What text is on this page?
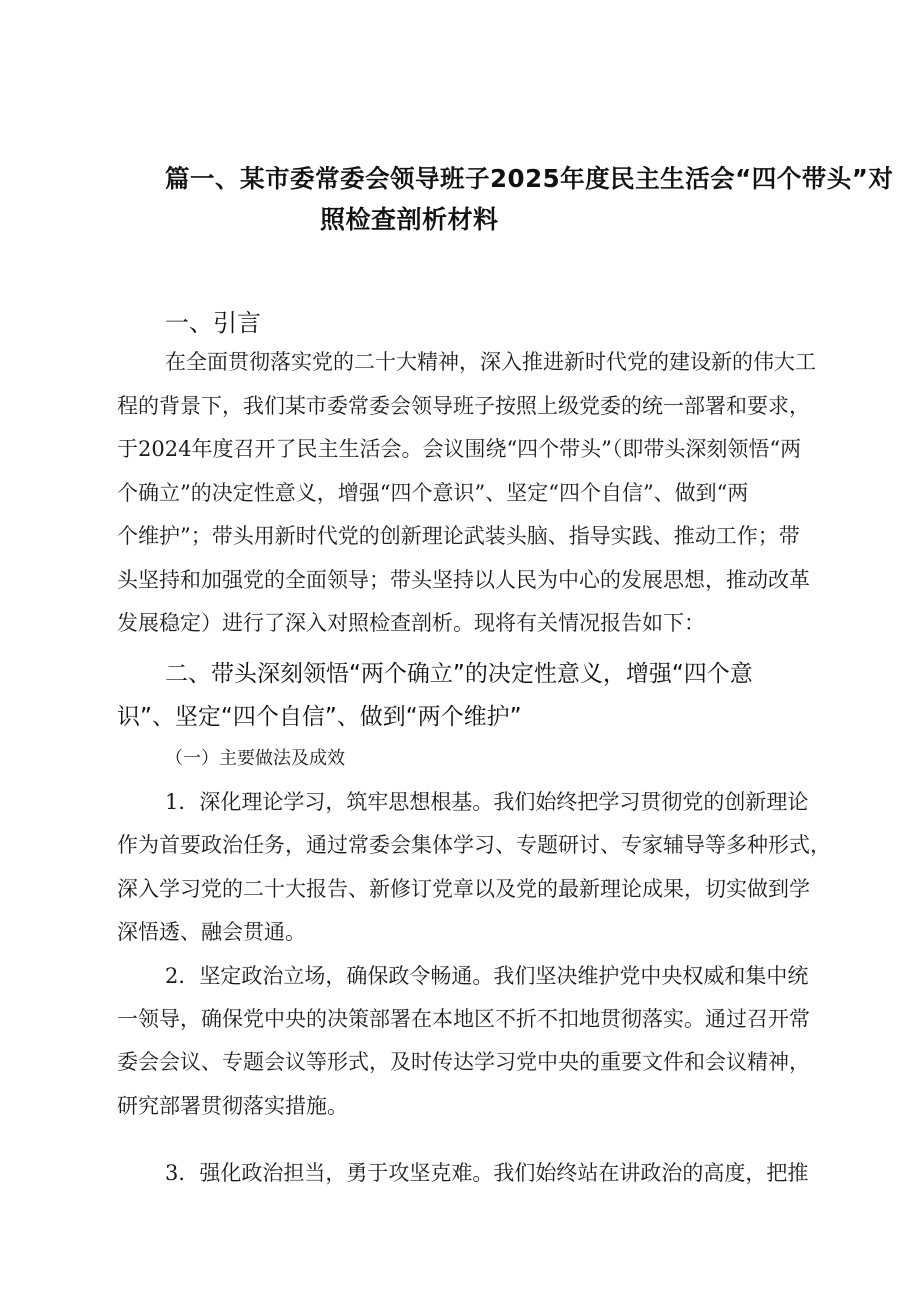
篇一、某市委常委会领导班子2025年度民主生活会“四个带头”对
照检查剖析材料
一、引言
在全面贯彻落实党的二十大精神，深入推进新时代党的建设新的伟大工
程的背景下，我们某市委常委会领导班子按照上级党委的统一部署和要求，
于2024年度召开了民主生活会。会议围绕“四个带头”（即带头深刻领悟“两
个确立”的决定性意义，增强“四个意识”、坚定“四个自信”、做到“两
个维护”；带头用新时代党的创新理论武装头脑、指导实践、推动工作；带
头坚持和加强党的全面领导；带头坚持以人民为中心的发展思想，推动改革
发展稳定）进行了深入对照检查剖析。现将有关情况报告如下：
二、带头深刻领悟“两个确立”的决定性意义，增强“四个意
识”、坚定“四个自信”、做到“两个维护”
（一）主要做法及成效
1．深化理论学习，筑牢思想根基。我们始终把学习贯彻党的创新理论
作为首要政治任务，通过常委会集体学习、专题研讨、专家辅导等多种形式，
深入学习党的二十大报告、新修订党章以及党的最新理论成果，切实做到学
深悟透、融会贯通。
2．坚定政治立场，确保政令畅通。我们坚决维护党中央权威和集中统
一领导，确保党中央的决策部署在本地区不折不扣地贯彻落实。通过召开常
委会会议、专题会议等形式，及时传达学习党中央的重要文件和会议精神，
研究部署贯彻落实措施。
3．强化政治担当，勇于攻坚克难。我们始终站在讲政治的高度，把推
